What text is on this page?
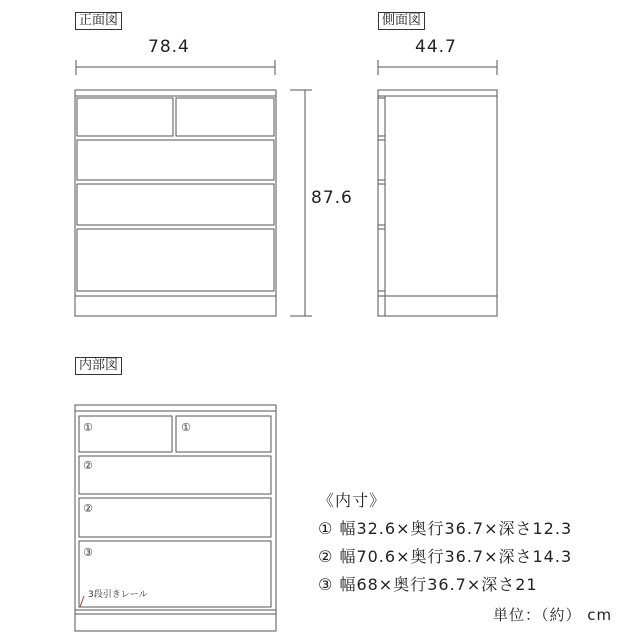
正面図	側面図
内部図
78.4	44.7
87.6
①	①
②
②
③
3段引きレール
《内寸》
① 幅32.6×奥行36.7×深さ12.3
② 幅70.6×奥行36.7×深さ14.3
③ 幅68×奥行36.7×深さ21
単位：（約） cm
